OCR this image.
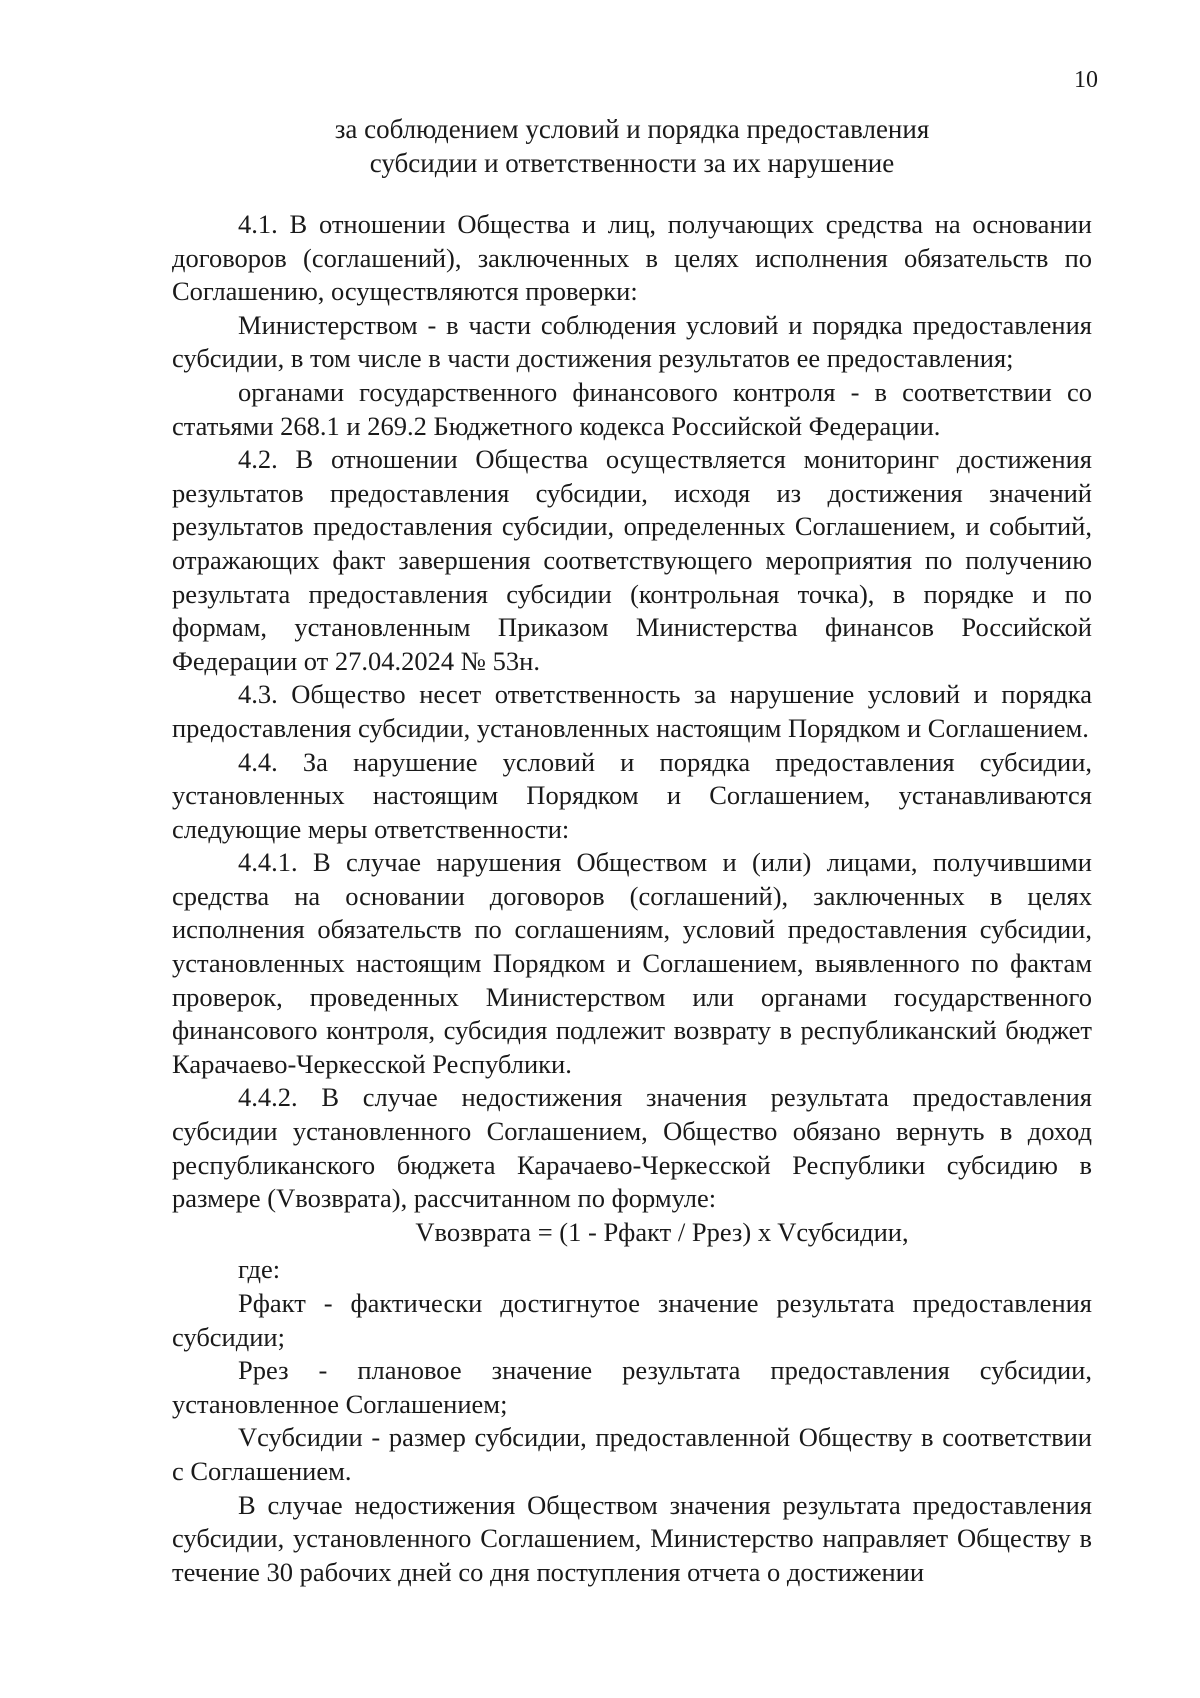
10
за соблюдением условий и порядка предоставления
субсидии и ответственности за их нарушение

4.1. В отношении Общества и лиц, получающих средства на основании договоров (соглашений), заключенных в целях исполнения обязательств по Соглашению, осуществляются проверки:

Министерством - в части соблюдения условий и порядка предоставления субсидии, в том числе в части достижения результатов ее предоставления;

органами государственного финансового контроля - в соответствии со статьями 268.1 и 269.2 Бюджетного кодекса Российской Федерации.

4.2. В отношении Общества осуществляется мониторинг достижения результатов предоставления субсидии, исходя из достижения значений результатов предоставления субсидии, определенных Соглашением, и событий, отражающих факт завершения соответствующего мероприятия по получению результата предоставления субсидии (контрольная точка), в порядке и по формам, установленным Приказом Министерства финансов Российской Федерации от 27.04.2024 № 53н.

4.3. Общество несет ответственность за нарушение условий и порядка предоставления субсидии, установленных настоящим Порядком и Соглашением.

4.4. За нарушение условий и порядка предоставления субсидии, установленных настоящим Порядком и Соглашением, устанавливаются следующие меры ответственности:

4.4.1. В случае нарушения Обществом и (или) лицами, получившими средства на основании договоров (соглашений), заключенных в целях исполнения обязательств по соглашениям, условий предоставления субсидии, установленных настоящим Порядком и Соглашением, выявленного по фактам проверок, проведенных Министерством или органами государственного финансового контроля, субсидия подлежит возврату в республиканский бюджет Карачаево-Черкесской Республики.

4.4.2. В случае недостижения значения результата предоставления субсидии установленного Соглашением, Общество обязано вернуть в доход республиканского бюджета Карачаево-Черкесской Республики субсидию в размере (Vвозврата), рассчитанном по формуле:

Vвозврата = (1 - Рфакт / Ррез) x Vсубсидии,

где:

Рфакт - фактически достигнутое значение результата предоставления субсидии;

Ррез - плановое значение результата предоставления субсидии, установленное Соглашением;

Vсубсидии - размер субсидии, предоставленной Обществу в соответствии с Соглашением.

В случае недостижения Обществом значения результата предоставления субсидии, установленного Соглашением, Министерство направляет Обществу в течение 30 рабочих дней со дня поступления отчета о достижении
